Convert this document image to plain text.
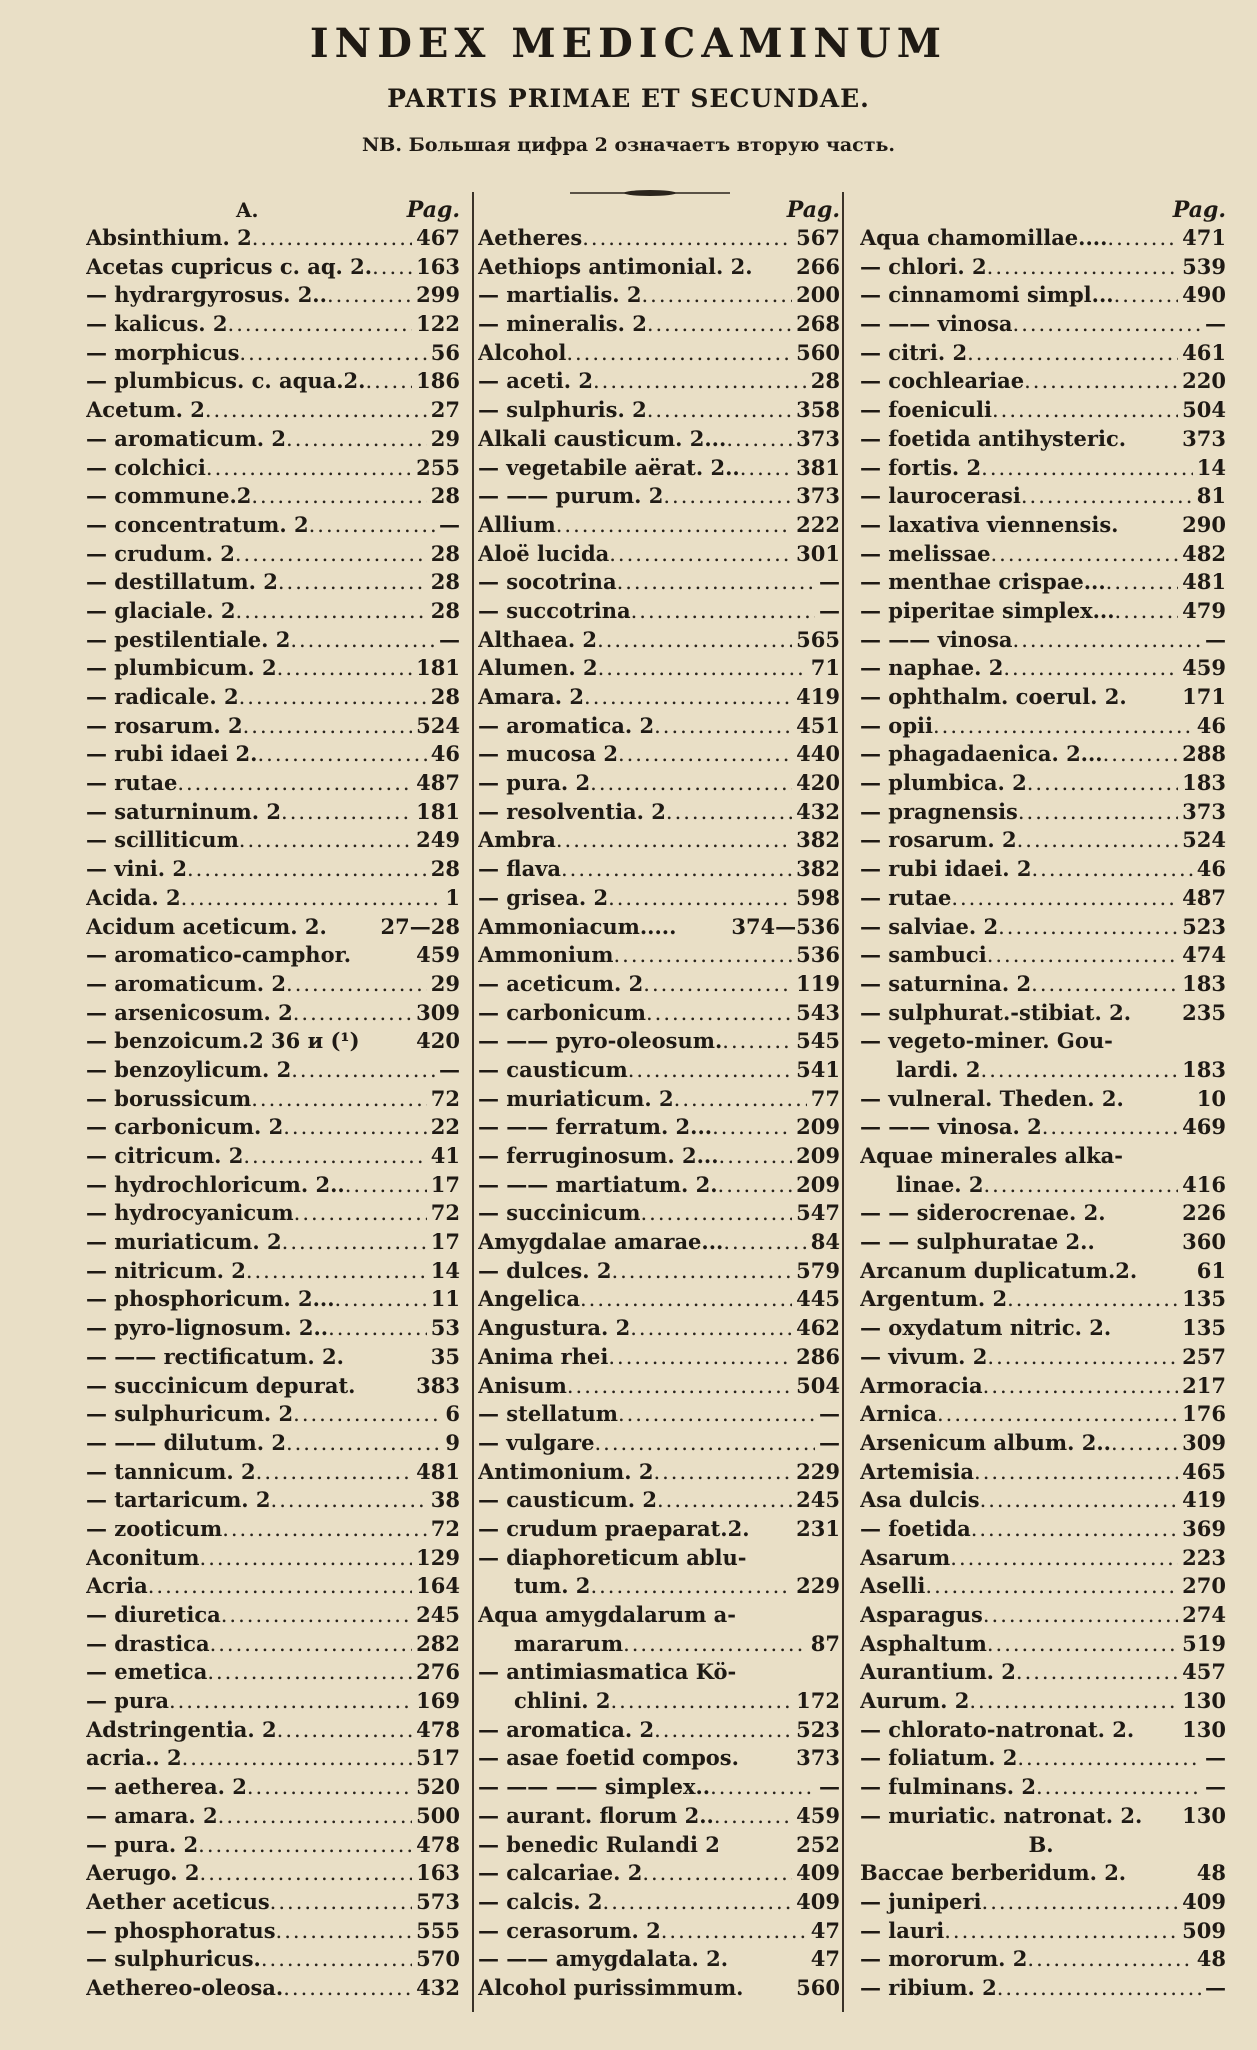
INDEX MEDICAMINUM
PARTIS PRIMAE ET SECUNDAE.
NB. Большая цифра 2 означаетъ вторую часть.
A.	Pag.
Absinthium. 2 .....	467
Acetas cupricus c. aq. 2. ..... 163
— hydrargyrosus. 2.. .....	299
— kalicus. 2 .....	122
— morphicus .....	56
— plumbicus. c. aqua.2. ..... 186
Acetum. 2 .....	27
— aromaticum. 2 .....	29
— colchici .....	255
— commune.2 .....	28
— concentratum. 2 .....	—
— crudum. 2 .....	28
— destillatum. 2 .....	28
— glaciale. 2 .....	28
— pestilentiale. 2 .....	—
— plumbicum. 2 .....	181
— radicale. 2 .....	28
— rosarum. 2 .....	524
— rubi idaei 2. .....	46
— rutae .....	487
— saturninum. 2 .....	181
— scilliticum .....	249
— vini. 2 .....	28
Acida. 2 .....	1
Acidum aceticum. 2.	27—28
— aromatico-camphor.	459
— aromaticum. 2 .....	29
— arsenicosum. 2 .....	309
— benzoicum.2 36 и (¹)	420
— benzoylicum. 2 .....	—
— borussicum .....	72
— carbonicum. 2 .....	22
— citricum. 2 .....	41
— hydrochloricum. 2.. .....	17
— hydrocyanicum .....	72
— muriaticum. 2 .....	17
— nitricum. 2 .....	14
— phosphoricum. 2... .....	11
— pyro-lignosum. 2.. .....	53
— —— rectificatum. 2.	35
— succinicum depurat.	383
— sulphuricum. 2 .....	6
— —— dilutum. 2 .....	9
— tannicum. 2 .....	481
— tartaricum. 2 .....	38
— zooticum .....	72
Aconitum .....	129
Acria .....	164
— diuretica .....	245
— drastica .....	282
— emetica .....	276
— pura .....	169
Adstringentia. 2 .....	478
acria.. 2 .....	517
— aetherea. 2 .....	520
— amara. 2 .....	500
— pura. 2 .....	478
Aerugo. 2 .....	163
Aether aceticus .....	573
— phosphoratus .....	555
— sulphuricus. .....	570
Aethereo-oleosa. .....	432
Pag.
Aetheres .....	567
Aethiops antimonial. 2. 266
— martialis. 2 .....	200
— mineralis. 2 .....	268
Alcohol .....	560
— aceti. 2 .....	28
— sulphuris. 2 .....	358
Alkali causticum. 2... .....	373
— vegetabile aërat. 2.. .....	381
— —— purum. 2 .....	373
Allium .....	222
Aloë lucida .....	301
— socotrina .....	—
— succotrina .....	—
Althaea. 2 .....	565
Alumen. 2 .....	71
Amara. 2 .....	419
— aromatica. 2 .....	451
— mucosa 2 .....	440
— pura. 2 .....	420
— resolventia. 2 .....	432
Ambra .....	382
— flava .....	382
— grisea. 2 .....	598
Ammoniacum.....	374—536
Ammonium .....	536
— aceticum. 2 .....	119
— carbonicum .....	543
— —— pyro-oleosum. .....	545
— causticum .....	541
— muriaticum. 2 .....	77
— —— ferratum. 2... .....	209
— ferruginosum. 2... .....	209
— —— martiatum. 2. .....	209
— succinicum .....	547
Amygdalae amarae... .....	84
— dulces. 2 .....	579
Angelica .....	445
Angustura. 2 .....	462
Anima rhei .....	286
Anisum .....	504
— stellatum .....	—
— vulgare .....	—
Antimonium. 2 .....	229
— causticum. 2 .....	245
— crudum praeparat.2. 231
— diaphoreticum ablu-
tum. 2 .....	229
Aqua amygdalarum a-
mararum .....	87
— antimiasmatica Kö-
chlini. 2 .....	172
— aromatica. 2 .....	523
— asae foetid compos.	373
— —— —— simplex.. .....	—
— aurant. florum 2.. .....	459
— benedic Rulandi 2	252
— calcariae. 2 .....	409
— calcis. 2 .....	409
— cerasorum. 2 .....	47
— —— amygdalata. 2.	47
Alcohol purissimmum.	560
Pag.
Aqua chamomillae.... .....	471
— chlori. 2 .....	539
— cinnamomi simpl... .....	490
— —— vinosa .....	—
— citri. 2 .....	461
— cochleariae .....	220
— foeniculi .....	504
— foetida antihysteric.	373
— fortis. 2 .....	14
— laurocerasi .....	81
— laxativa viennensis.	290
— melissae .....	482
— menthae crispae... .....	481
— piperitae simplex... .....	479
— —— vinosa .....	—
— naphae. 2 .....	459
— ophthalm. coerul. 2.	171
— opii .....	46
— phagadaenica. 2... .....	288
— plumbica. 2 .....	183
— pragnensis .....	373
— rosarum. 2 .....	524
— rubi idaei. 2 .....	46
— rutae .....	487
— salviae. 2 .....	523
— sambuci .....	474
— saturnina. 2 .....	183
— sulphurat.-stibiat. 2. 235
— vegeto-miner. Gou-
lardi. 2 .....	183
— vulneral. Theden. 2.	10
— —— vinosa. 2 .....	469
Aquae minerales alka-
linae. 2 .....	416
— — siderocrenae. 2.	226
— — sulphuratae 2..	360
Arcanum duplicatum.2.	61
Argentum. 2 .....	135
— oxydatum nitric. 2.	135
— vivum. 2 .....	257
Armoracia .....	217
Arnica .....	176
Arsenicum album. 2.. .....	309
Artemisia .....	465
Asa dulcis .....	419
— foetida .....	369
Asarum .....	223
Aselli .....	270
Asparagus .....	274
Asphaltum .....	519
Aurantium. 2 .....	457
Aurum. 2 .....	130
— chlorato-natronat. 2. 130
— foliatum. 2 .....	—
— fulminans. 2 .....	—
— muriatic. natronat. 2. 130
B.
Baccae berberidum. 2.	48
— juniperi .....	409
— lauri .....	509
— mororum. 2 .....	48
— ribium. 2 .....	—
